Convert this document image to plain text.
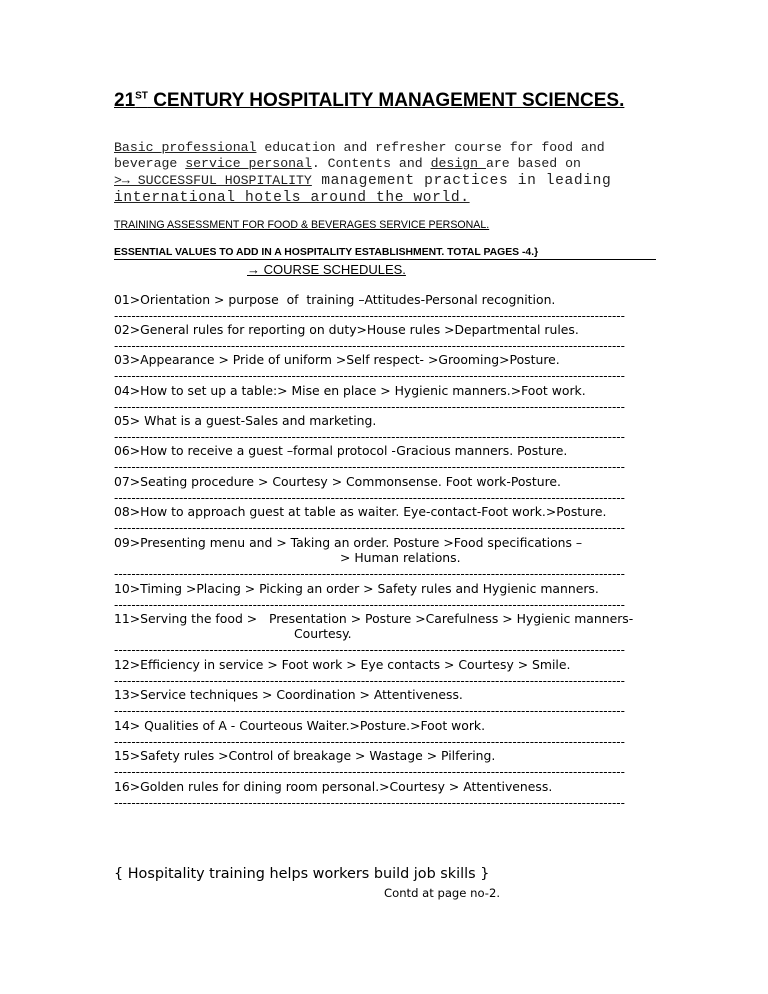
21ST CENTURY HOSPITALITY MANAGEMENT SCIENCES.
Basic professional education and refresher course for food and
beverage service personal. Contents and design are based on
>→ SUCCESSFUL HOSPITALITY management practices in leading
international hotels around the world.
TRAINING ASSESSMENT FOR FOOD & BEVERAGES SERVICE PERSONAL.
ESSENTIAL VALUES TO ADD IN A HOSPITALITY ESTABLISHMENT. TOTAL PAGES -4.}
→ COURSE SCHEDULES.
01>Orientation > purpose  of  training –Attitudes-Personal recognition.
----------------------------------------------------------------------------------------------------------------------
02>General rules for reporting on duty>House rules >Departmental rules.
----------------------------------------------------------------------------------------------------------------------
03>Appearance > Pride of uniform >Self respect- >Grooming>Posture.
----------------------------------------------------------------------------------------------------------------------
04>How to set up a table:> Mise en place > Hygienic manners.>Foot work.
----------------------------------------------------------------------------------------------------------------------
05> What is a guest-Sales and marketing.
----------------------------------------------------------------------------------------------------------------------
06>How to receive a guest –formal protocol -Gracious manners. Posture.
----------------------------------------------------------------------------------------------------------------------
07>Seating procedure > Courtesy > Commonsense. Foot work-Posture.
----------------------------------------------------------------------------------------------------------------------
08>How to approach guest at table as waiter. Eye-contact-Foot work.>Posture.
----------------------------------------------------------------------------------------------------------------------
09>Presenting menu and > Taking an order. Posture >Food specifications –
> Human relations.
----------------------------------------------------------------------------------------------------------------------
10>Timing >Placing > Picking an order > Safety rules and Hygienic manners.
----------------------------------------------------------------------------------------------------------------------
11>Serving the food >   Presentation > Posture >Carefulness > Hygienic manners-
Courtesy.
----------------------------------------------------------------------------------------------------------------------
12>Efficiency in service > Foot work > Eye contacts > Courtesy > Smile.
----------------------------------------------------------------------------------------------------------------------
13>Service techniques > Coordination > Attentiveness.
----------------------------------------------------------------------------------------------------------------------
14> Qualities of A - Courteous Waiter.>Posture.>Foot work.
----------------------------------------------------------------------------------------------------------------------
15>Safety rules >Control of breakage > Wastage > Pilfering.
----------------------------------------------------------------------------------------------------------------------
16>Golden rules for dining room personal.>Courtesy > Attentiveness.
----------------------------------------------------------------------------------------------------------------------
{ Hospitality training helps workers build job skills }
Contd at page no-2.
